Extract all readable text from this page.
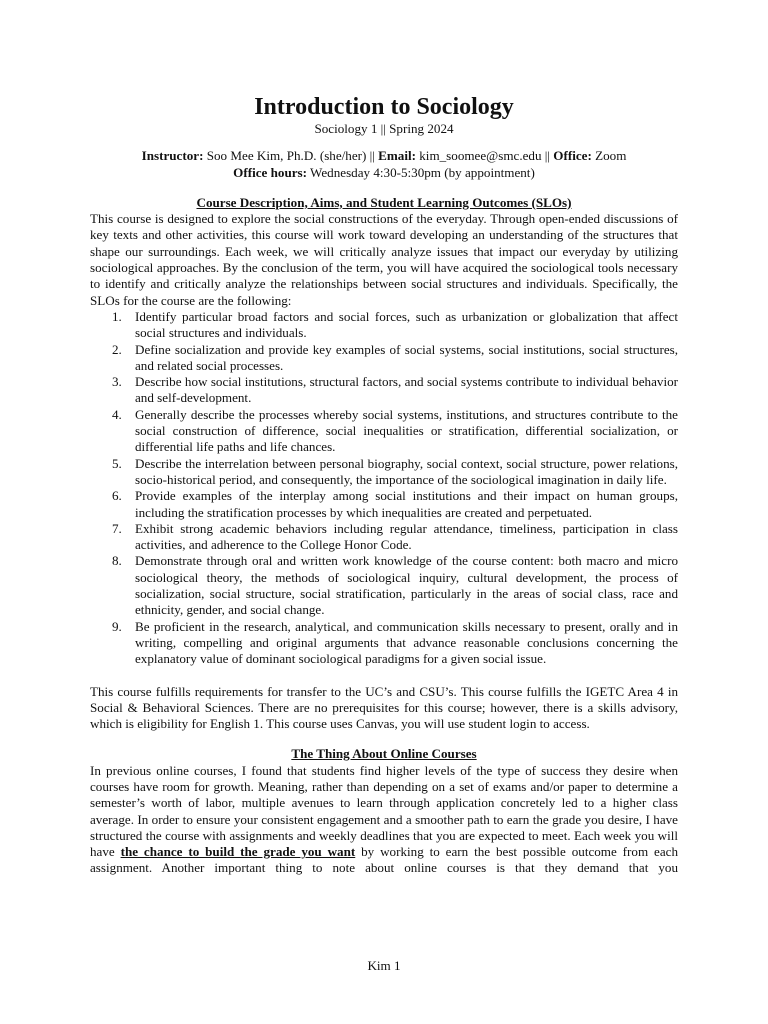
Introduction to Sociology
Sociology 1 || Spring 2024
Instructor: Soo Mee Kim, Ph.D. (she/her) || Email: kim_soomee@smc.edu || Office: Zoom
Office hours: Wednesday 4:30-5:30pm (by appointment)
Course Description, Aims, and Student Learning Outcomes (SLOs)

This course is designed to explore the social constructions of the everyday. Through open-ended discussions of key texts and other activities, this course will work toward developing an understanding of the structures that shape our surroundings. Each week, we will critically analyze issues that impact our everyday by utilizing sociological approaches. By the conclusion of the term, you will have acquired the sociological tools necessary to identify and critically analyze the relationships between social structures and individuals. Specifically, the SLOs for the course are the following:

1. Identify particular broad factors and social forces, such as urbanization or globalization that affect social structures and individuals.
2. Define socialization and provide key examples of social systems, social institutions, social structures, and related social processes.
3. Describe how social institutions, structural factors, and social systems contribute to individual behavior and self-development.
4. Generally describe the processes whereby social systems, institutions, and structures contribute to the social construction of difference, social inequalities or stratification, differential socialization, or differential life paths and life chances.
5. Describe the interrelation between personal biography, social context, social structure, power relations, socio-historical period, and consequently, the importance of the sociological imagination in daily life.
6. Provide examples of the interplay among social institutions and their impact on human groups, including the stratification processes by which inequalities are created and perpetuated.
7. Exhibit strong academic behaviors including regular attendance, timeliness, participation in class activities, and adherence to the College Honor Code.
8. Demonstrate through oral and written work knowledge of the course content: both macro and micro sociological theory, the methods of sociological inquiry, cultural development, the process of socialization, social structure, social stratification, particularly in the areas of social class, race and ethnicity, gender, and social change.
9. Be proficient in the research, analytical, and communication skills necessary to present, orally and in writing, compelling and original arguments that advance reasonable conclusions concerning the explanatory value of dominant sociological paradigms for a given social issue.

This course fulfills requirements for transfer to the UC’s and CSU’s. This course fulfills the IGETC Area 4 in Social & Behavioral Sciences. There are no prerequisites for this course; however, there is a skills advisory, which is eligibility for English 1. This course uses Canvas, you will use student login to access.

The Thing About Online Courses

In previous online courses, I found that students find higher levels of the type of success they desire when courses have room for growth. Meaning, rather than depending on a set of exams and/or paper to determine a semester’s worth of labor, multiple avenues to learn through application concretely led to a higher class average. In order to ensure your consistent engagement and a smoother path to earn the grade you desire, I have structured the course with assignments and weekly deadlines that you are expected to meet. Each week you will have the chance to build the grade you want by working to earn the best possible outcome from each assignment. Another important thing to note about online courses is that they demand that you

Kim 1
